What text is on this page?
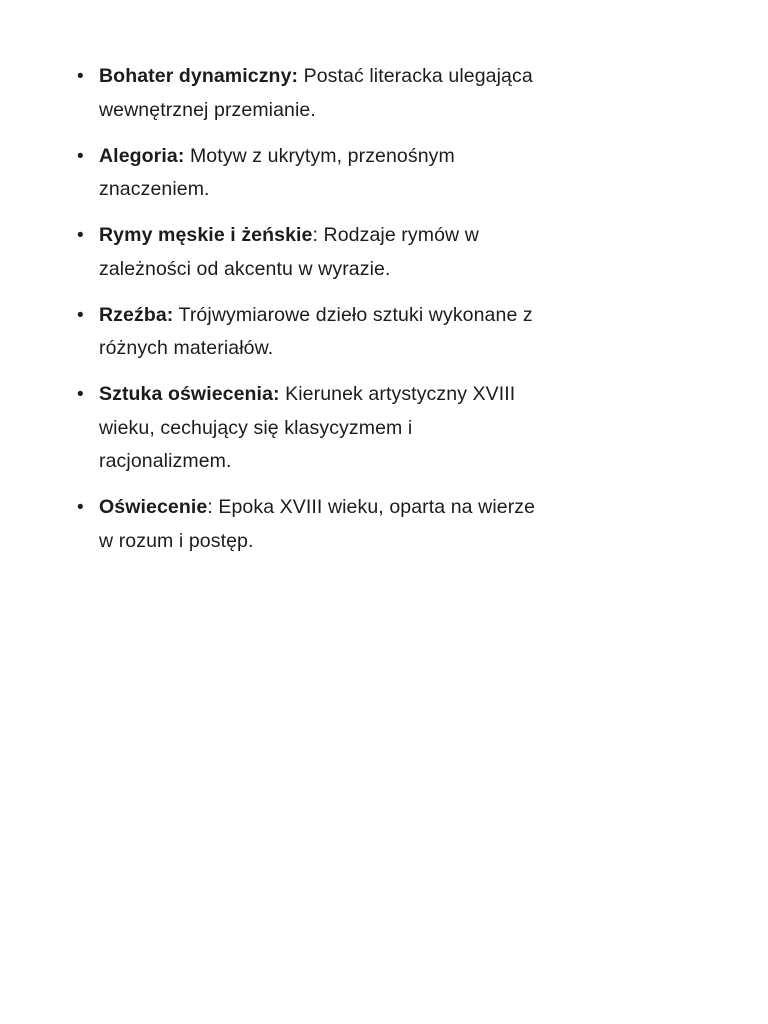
• Bohater dynamiczny: Postać literacka ulegająca wewnętrznej przemianie.
• Alegoria: Motyw z ukrytym, przenośnym znaczeniem.
• Rymy męskie i żeńskie: Rodzaje rymów w zależności od akcentu w wyrazie.
• Rzeźba: Trójwymiarowe dzieło sztuki wykonane z różnych materiałów.
• Sztuka oświecenia: Kierunek artystyczny XVIII wieku, cechujący się klasycyzmem i racjonalizmem.
• Oświecenie: Epoka XVIII wieku, oparta na wierze w rozum i postęp.
